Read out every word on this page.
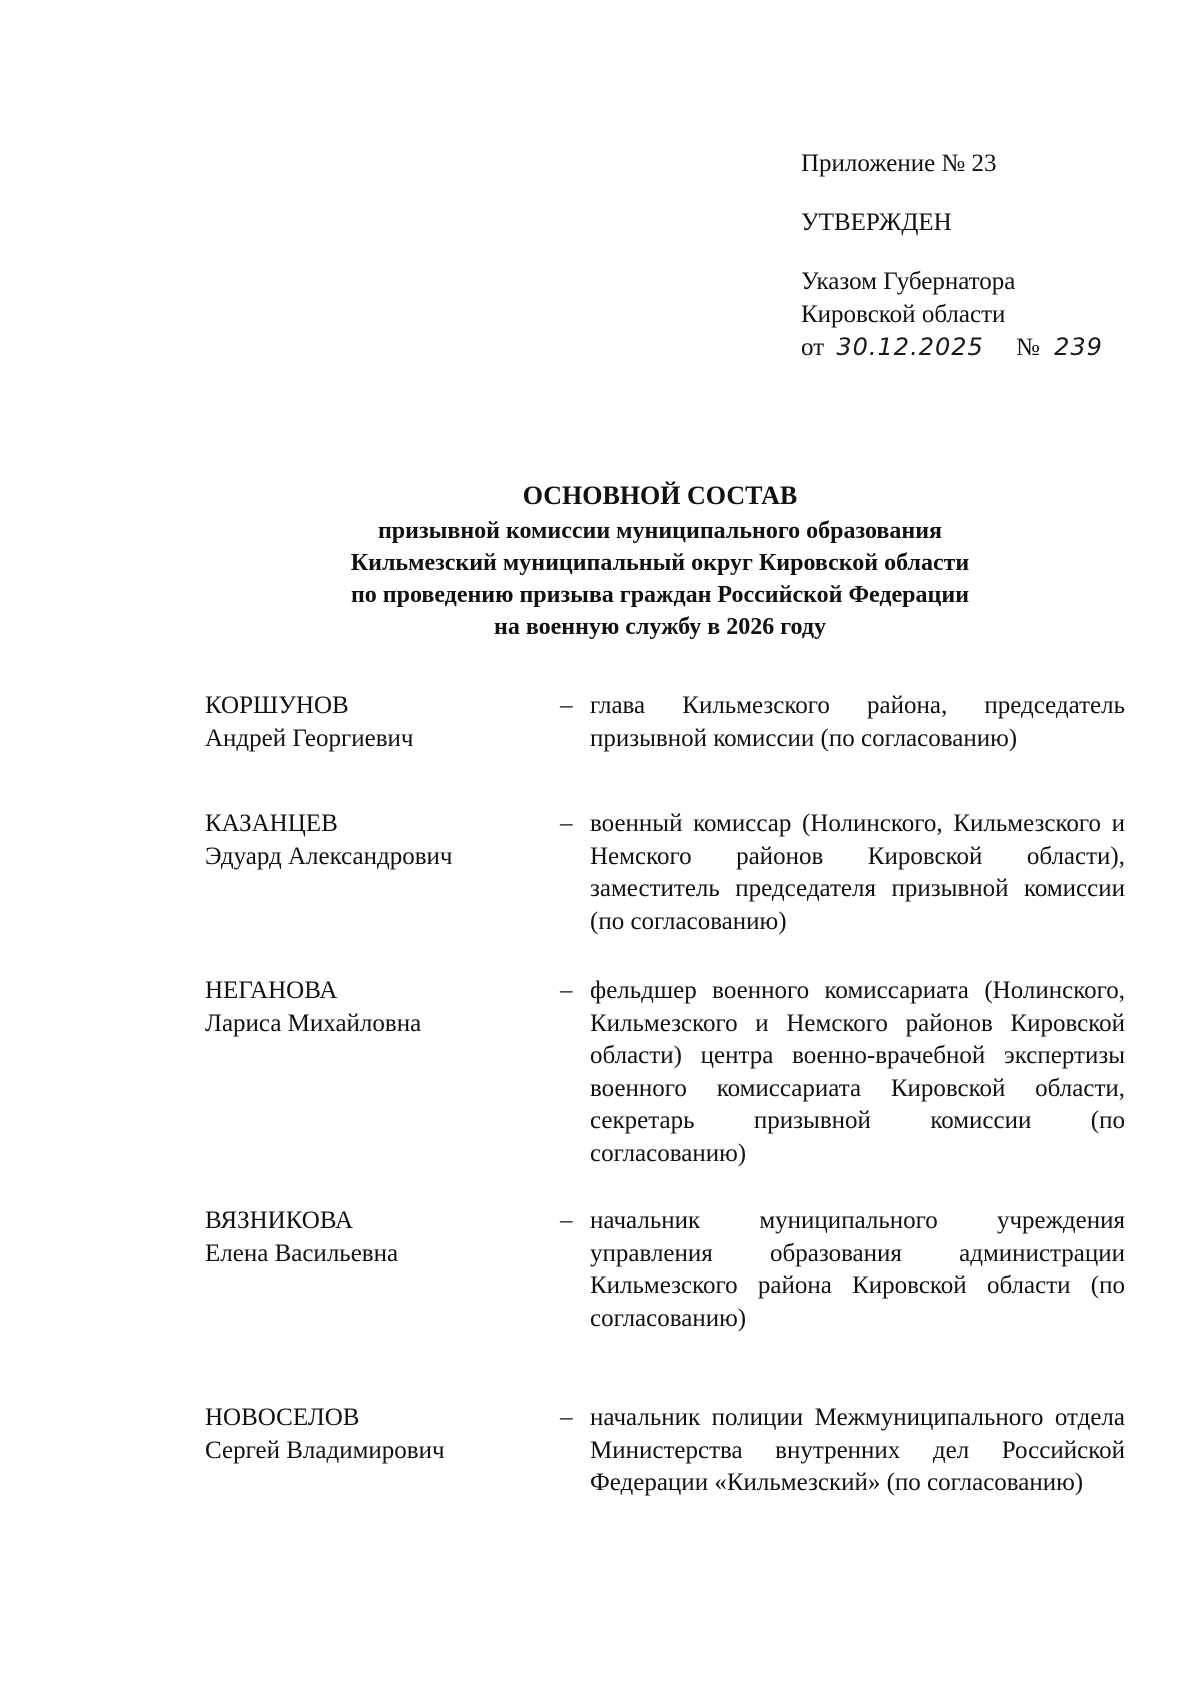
Приложение № 23
УТВЕРЖДЕН
Указом Губернатора
Кировской области
от 30.12.2025 № 239
ОСНОВНОЙ СОСТАВ
призывной комиссии муниципального образования
Кильмезский муниципальный округ Кировской области
по проведению призыва граждан Российской Федерации
на военную службу в 2026 году
КОРШУНОВ
Андрей Георгиевич
– глава Кильмезского района, председатель призывной комиссии (по согласованию)
КАЗАНЦЕВ
Эдуард Александрович
– военный комиссар (Нолинского, Кильмезского и Немского районов Кировской области), заместитель председателя призывной комиссии (по согласованию)
НЕГАНОВА
Лариса Михайловна
– фельдшер военного комиссариата (Нолинского, Кильмезского и Немского районов Кировской области) центра военно-врачебной экспертизы военного комиссариата Кировской области, секретарь призывной комиссии (по согласованию)
ВЯЗНИКОВА
Елена Васильевна
– начальник муниципального учреждения управления образования администрации Кильмезского района Кировской области (по согласованию)
НОВОСЕЛОВ
Сергей Владимирович
– начальник полиции Межмуниципального отдела Министерства внутренних дел Российской Федерации «Кильмезский» (по согласованию)
